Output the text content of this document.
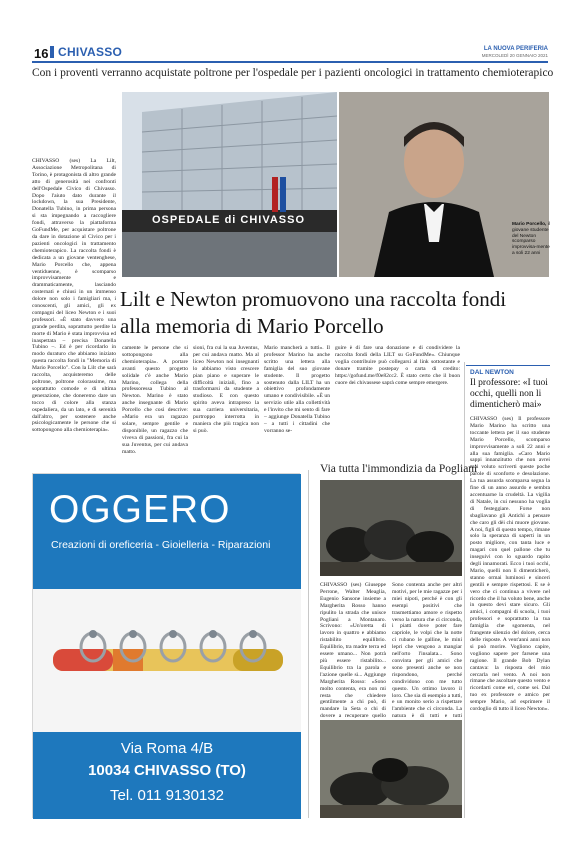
16 CHIVASSO	LA NUOVA PERIFERIA
MERCOLEDÌ 20 GENNAIO 2021
Con i proventi verranno acquistate poltrone per l'ospedale per i pazienti oncologici in trattamento chemioterapico
OSPEDALE di CHIVASSO	Mario Porcello, il giovane studente del Newton scomparso improvvisa-mente a soli 22 anni
Lilt e Newton promuovono una raccolta fondi alla memoria di Mario Porcello
CHIVASSO (ses) La Lilt, Associazione Metropolitana di Torino, è protagonista di altro grande atto di generosità nei confronti dell'Ospedale Civico di Chivasso. Dopo l'aiuto dato durante il lockdown, la sua Presidente, Donatella Tubino, in prima persona si sta impegnando a raccogliere fondi, attraverso la piattaforma GoFundMe, per acquistare poltrone da dare in dotazione al Civico per i pazienti oncologici in trattamento chemioterapico. La raccolta fondi è dedicata a un giovane ventenghese, Mario Porcello che, appena ventiduenne, è scomparso improvvisamente e drammaticamente, lasciando costernati e chiusi in un immenso dolore non solo i famigliari ma, i conoscenti, gli amici, gli ex compagni del liceo Newton e i suoi professori. «È stato davvero una grande perdita, soprattutto perdite la morte di Mario è stata improvvisa ed inaspettata – precisa Donatella Tubino –. Ed è per ricordarlo in modo duraturo che abbiamo iniziato questa raccolta fondi in "Memoria di Mario Porcello". Con la Lilt che sarà raccolta, acquisteremo delle poltrone, poltrone colorassime, ma soprattutto comode e di ultima generazione, che doneremo dare un tocco di colore alla stanza ospedaliera, da un lato, e di serenità dall'altro, per sostenere anche psicologicamente le persone che si sottopongono alla chemioterapia».
camente le persone che si sottopongono alla chemioterapia». A portare avanti questo progetto solidale c'è anche Mario Marino, collega della professoressa Tubino al Newton. Marino è stato anche insegnante di Mario Porcello che così descrive: «Mario era un ragazzo solare, sempre gentile e disponibile, un ragazzo che viveva di passioni, fra cui la sua Juventus, per cui andava matto.
sioni, fra cui la sua Juventus, per cui andava matto. Ma al liceo Newton noi insegnanti lo abbiamo visto crescere pian piano e superare le difficoltà iniziali, fino a trasformarsi da studente a studioso. E con questo spirito aveva intrapreso la sua carriera universitaria, purtroppo interrotta in maniera che più tragica non si può.
Mario mancherà a tutti». Il professor Marino ha anche scritto una lettera alla famiglia del suo giovane studente. Il progetto sostenuto dalla LILT ha un obiettivo profondamente umano e condivisibile. «È un servizio utile alla collettività e l'invito che mi sento di fare – aggiunge Donatella Tubino – a tutti i cittadini che vorranno se-
guire è di fare una donazione e di condividere la raccolta fondi della LILT su GoFundMe». Chiunque voglia contribuire può collegarsi al link sottostante e donare tramite postepay o carta di credito: https://gofund.me/f0e82cc2. È stato certo che il buon cuore dei chivassese saprà come sempre emergere.
DAL NEWTON
Il professore: «I tuoi occhi, quelli non li dimenticherò mai»
CHIVASSO (ses) Il professore Mario Marino ha scritto una toccante lettera per il suo studente Mario Porcello, scomparso improvvisamente a soli 22 anni e alla sua famiglia. «Caro Mario sappi innanzitutto che non avrei mai voluto scriverti queste poche parole di sconforto e desolazione. La tua assurda scomparsa segna la fine di un anno assurdo e sembra accentuarne la crudeltà. La vigilia di Natale, in cui nessuno ha voglia di festeggiare. Forse non sbagliavano gli Antichi a pensare che caro gli dèi chi muore giovane. A noi, figli di questo tempo, rimane solo la speranza di saperti in un posto migliore, con tanta luce e magari con quel pallone che tu inseguivi con lo sguardo rapito degli innamorati. Ecco i tuoi occhi, Mario, quelli non li dimenticherò, stanno ormai luminosi e sinceri gentili e sempre rispettosi. E se è vero che ci continua a vivere nel ricordo che il ha voluto bene, anche in questo devi stare sicuro. Gli amici, i compagni di scuola, i tuoi professori e soprattutto la tua famiglia che sgomenta, nel frangente silenzio del dolore, cerca delle risposte. A vent'anni anni non si può morire. Vogliono capire, vogliono sapere per farsene una ragione. Il grande Bob Dylan cantava: la risposta del mio cercarla nel vento. A noi non rimane che ascoltare questo vento e ricordarti come eri, come sei. Dal tuo ex professore e amico per sempre Mario, ad esprimere il cordoglio di tutto il liceo Newton».
OGGERO
Creazioni di oreficeria - Gioielleria - Riparazioni
Via Roma 4/B
10034 CHIVASSO (TO)
Tel. 011 9130132
Via tutta l'immondizia da Pogliani
CHIVASSO (ses) Giuseppe Perrone, Walter Meaglia, Eugenio Sansone insieme a Margherita Rosso hanno ripulito la strada che unisce Pogliani a Montanaro. Scrivono: «Un'oretta di lavoro in quattro e abbiamo ristabilito equilibrio. Equilibrio, tra madre terra ed essere umano... Non potrà più essere ristabilito... Equilibrio tra la parola e l'azione quelle sì... Aggiunge Margherita Rosso: «Sono molto contenta, era non mi resta che chiedere gentilmente a chi può, di mandare la Seta o chi di dovere a recuperare quello
Sono contenta anche per altri motivi, per le mie ragazze per i miei nipoti, perché è con gli esempi positivi che trasmettiamo amore e rispetto verso la natura che ci circonda, i piatti dove poter fare capriole, le volpi che la notte ci rubano le galline, le mini lepri che vengono a mangiar nell'orto l'insalata... Sono convinta per gli amici che sono presenti anche se non rispondono, perché condividono con me tutto questo. Un ottimo lavoro il loro. Che sia di esempio a tutti, e un monito serio a rispettare l'ambiente che ci circonda. La natura è di tutti e tutti
